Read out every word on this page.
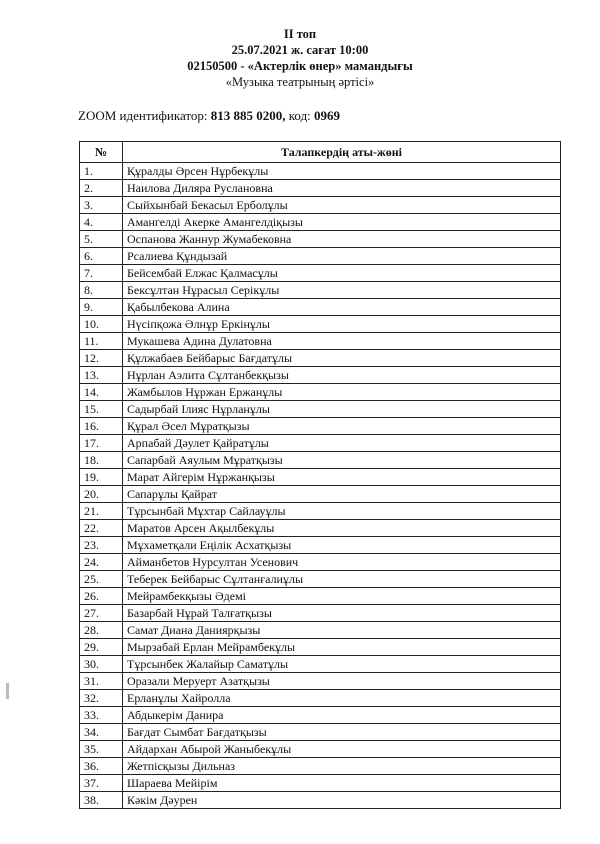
ІІ топ
25.07.2021 ж. сағат 10:00
02150500 - «Актерлік өнер» мамандығы
«Музыка театрының әртісі»
ZOOM идентификатор: 813 885 0200, код: 0969
№	Талапкердің аты-жөні
1.	Құралды Әрсен Нұрбекұлы
2.	Наилова Диляра Руслановна
3.	Сыйхынбай Бекасыл Ерболұлы
4.	Амангелді Акерке Амангелдіқызы
5.	Оспанова Жаннур Жумабековна
6.	Рсалиева Құндызай
7.	Бейсембай Елжас Қалмасұлы
8.	Бексұлтан Нұрасыл Серікұлы
9.	Қабылбекова Алина
10.	Нүсіпқожа Әлнұр Еркінұлы
11.	Мукашева Адина Дулатовна
12.	Құлжабаев Бейбарыс Бағдатұлы
13.	Нұрлан Аэлита Сұлтанбекқызы
14.	Жамбылов Нұржан Ержанұлы
15.	Садырбай Ілияс Нұрланұлы
16.	Құрал Әсел Мұратқызы
17.	Арпабай Дәулет Қайратұлы
18.	Сапарбай Аяулым Мұратқызы
19.	Марат Айгерім Нұржанқызы
20.	Сапарұлы Қайрат
21.	Тұрсынбай Мұхтар Сайлауұлы
22.	Маратов Арсен Ақылбекұлы
23.	Мұхаметқали Еңілік Асхатқызы
24.	Айманбетов Нурсултан Усенович
25.	Теберек Бейбарыс Сұлтанғалиұлы
26.	Мейрамбекқызы Әдемі
27.	Базарбай Нұрай Талғатқызы
28.	Самат Диана Даниярқызы
29.	Мырзабай Ерлан Мейрамбекұлы
30.	Тұрсынбек Жалайыр Саматұлы
31.	Оразали Меруерт Азатқызы
32.	Ерланұлы Хайролла
33.	Абдыкерім Данира
34.	Бағдат Сымбат Бағдатқызы
35.	Айдархан Абырой Жаныбекұлы
36.	Жетпісқызы Дильназ
37.	Шараева Мейірім
38.	Кәкім Дәурен
